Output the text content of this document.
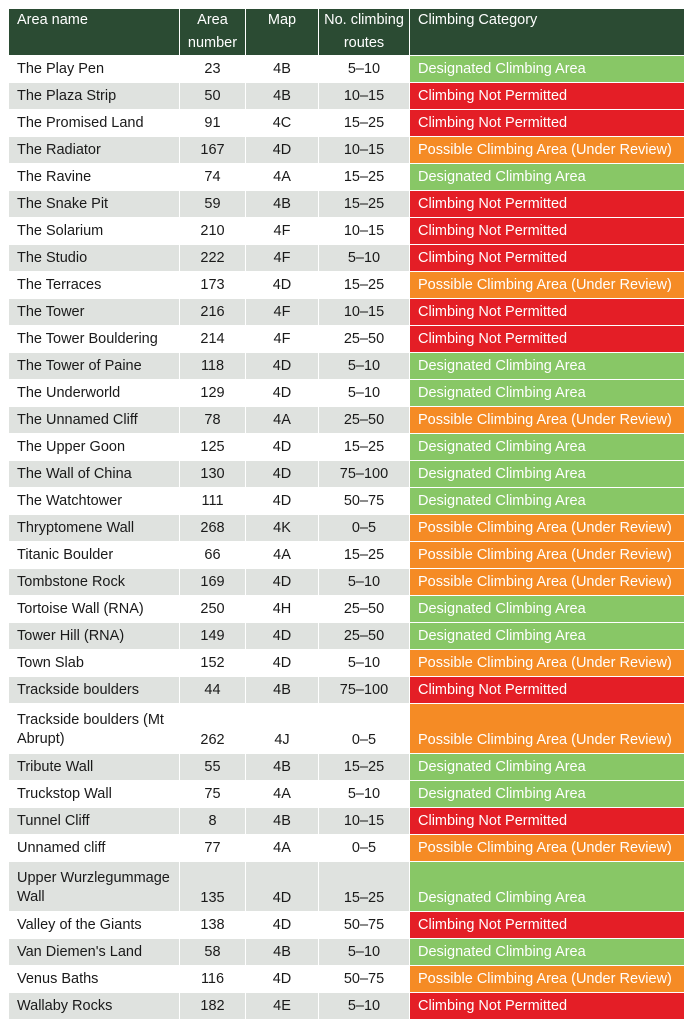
Area name	Area number	Map	No. climbing routes	Climbing Category
The Play Pen	23	4B	5–10	Designated Climbing Area
The Plaza Strip	50	4B	10–15	Climbing Not Permitted
The Promised Land	91	4C	15–25	Climbing Not Permitted
The Radiator	167	4D	10–15	Possible Climbing Area (Under Review)
The Ravine	74	4A	15–25	Designated Climbing Area
The Snake Pit	59	4B	15–25	Climbing Not Permitted
The Solarium	210	4F	10–15	Climbing Not Permitted
The Studio	222	4F	5–10	Climbing Not Permitted
The Terraces	173	4D	15–25	Possible Climbing Area (Under Review)
The Tower	216	4F	10–15	Climbing Not Permitted
The Tower Bouldering	214	4F	25–50	Climbing Not Permitted
The Tower of Paine	118	4D	5–10	Designated Climbing Area
The Underworld	129	4D	5–10	Designated Climbing Area
The Unnamed Cliff	78	4A	25–50	Possible Climbing Area (Under Review)
The Upper Goon	125	4D	15–25	Designated Climbing Area
The Wall of China	130	4D	75–100	Designated Climbing Area
The Watchtower	111	4D	50–75	Designated Climbing Area
Thryptomene Wall	268	4K	0–5	Possible Climbing Area (Under Review)
Titanic Boulder	66	4A	15–25	Possible Climbing Area (Under Review)
Tombstone Rock	169	4D	5–10	Possible Climbing Area (Under Review)
Tortoise Wall (RNA)	250	4H	25–50	Designated Climbing Area
Tower Hill (RNA)	149	4D	25–50	Designated Climbing Area
Town Slab	152	4D	5–10	Possible Climbing Area (Under Review)
Trackside boulders	44	4B	75–100	Climbing Not Permitted
Trackside boulders (Mt Abrupt)	262	4J	0–5	Possible Climbing Area (Under Review)
Tribute Wall	55	4B	15–25	Designated Climbing Area
Truckstop Wall	75	4A	5–10	Designated Climbing Area
Tunnel Cliff	8	4B	10–15	Climbing Not Permitted
Unnamed cliff	77	4A	0–5	Possible Climbing Area (Under Review)
Upper Wurzlegummage Wall	135	4D	15–25	Designated Climbing Area
Valley of the Giants	138	4D	50–75	Climbing Not Permitted
Van Diemen's Land	58	4B	5–10	Designated Climbing Area
Venus Baths	116	4D	50–75	Possible Climbing Area (Under Review)
Wallaby Rocks	182	4E	5–10	Climbing Not Permitted
